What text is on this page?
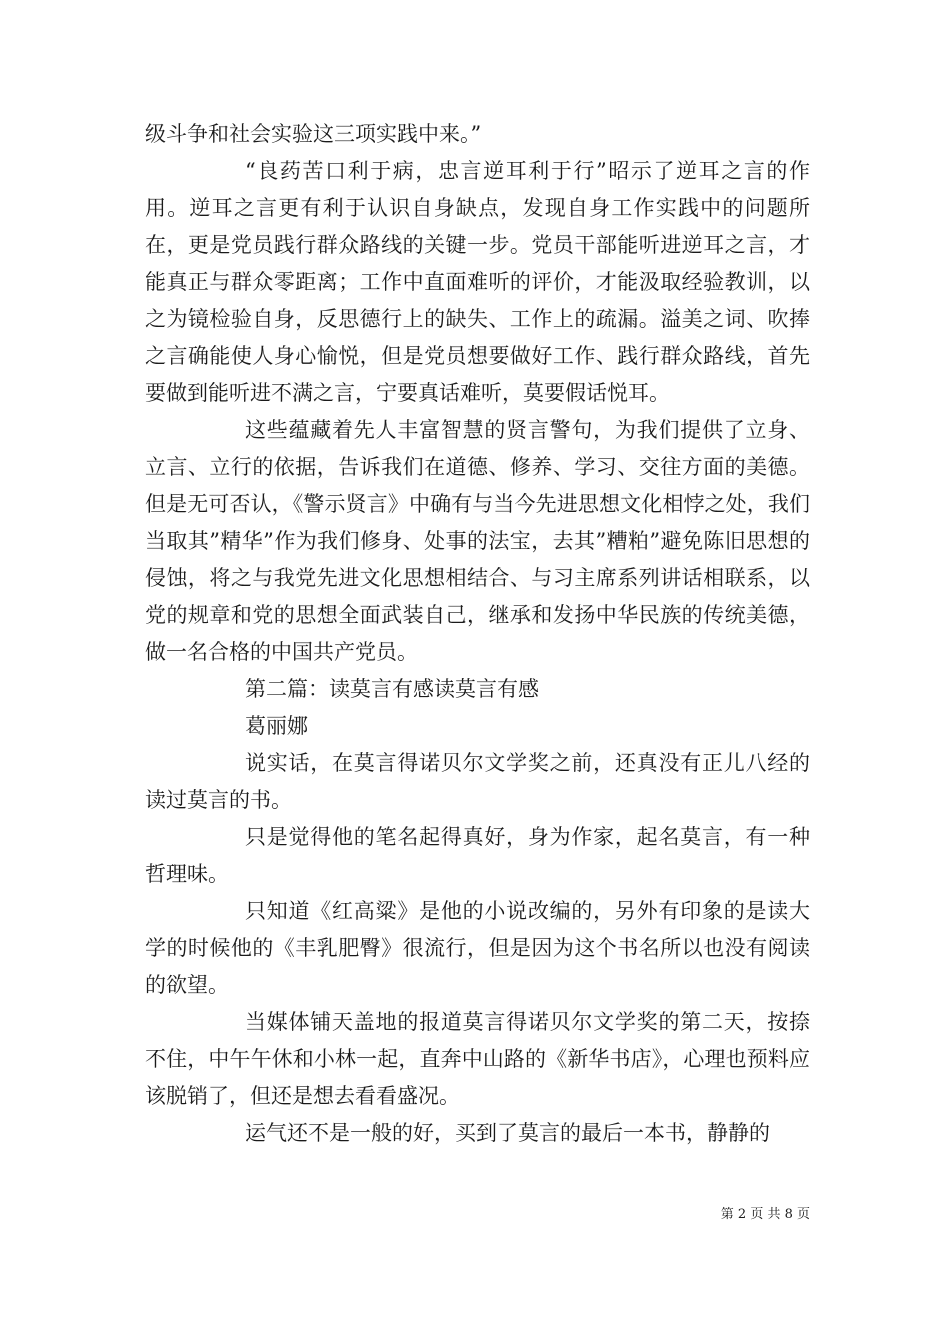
级斗争和社会实验这三项实践中来。”

“良药苦口利于病，忠言逆耳利于行”昭示了逆耳之言的作用。逆耳之言更有利于认识自身缺点，发现自身工作实践中的问题所在，更是党员践行群众路线的关键一步。党员干部能听进逆耳之言，才能真正与群众零距离；工作中直面难听的评价，才能汲取经验教训，以之为镜检验自身，反思德行上的缺失、工作上的疏漏。溢美之词、吹捧之言确能使人身心愉悦，但是党员想要做好工作、践行群众路线，首先要做到能听进不满之言，宁要真话难听，莫要假话悦耳。

这些蕴藏着先人丰富智慧的贤言警句，为我们提供了立身、立言、立行的依据，告诉我们在道德、修养、学习、交往方面的美德。但是无可否认，《警示贤言》中确有与当今先进思想文化相悖之处，我们当取其”精华”作为我们修身、处事的法宝，去其”糟粕”避免陈旧思想的侵蚀，将之与我党先进文化思想相结合、与习主席系列讲话相联系，以党的规章和党的思想全面武装自己，继承和发扬中华民族的传统美德，做一名合格的中国共产党员。

第二篇：读莫言有感读莫言有感

葛丽娜

说实话，在莫言得诺贝尔文学奖之前，还真没有正儿八经的读过莫言的书。

只是觉得他的笔名起得真好，身为作家，起名莫言，有一种哲理味。

只知道《红高粱》是他的小说改编的，另外有印象的是读大学的时候他的《丰乳肥臀》很流行，但是因为这个书名所以也没有阅读的欲望。

当媒体铺天盖地的报道莫言得诺贝尔文学奖的第二天，按捺不住，中午午休和小林一起，直奔中山路的《新华书店》，心理也预料应该脱销了，但还是想去看看盛况。

运气还不是一般的好，买到了莫言的最后一本书，静静的

第 2 页 共 8 页
